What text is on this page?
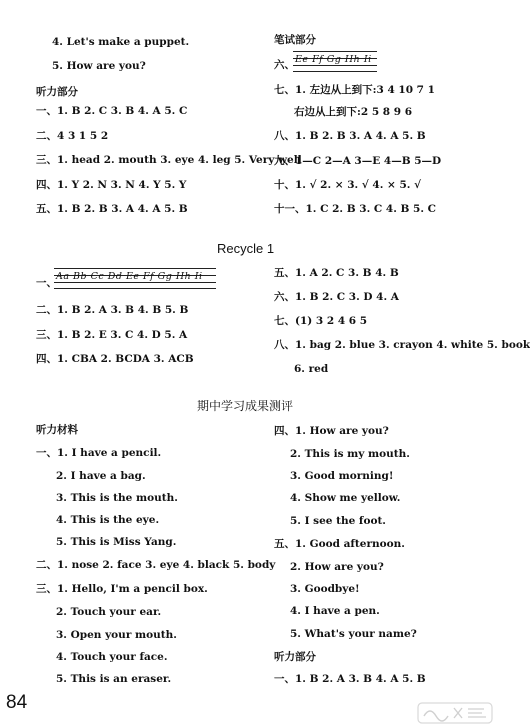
4. Let's make a puppet.
5. How are you?
听力部分
一、1. B 2. C 3. B 4. A 5. C
二、4 3 1 5 2
三、1. head 2. mouth 3. eye 4. leg 5. Very well
四、1. Y 2. N 3. N 4. Y 5. Y
五、1. B 2. B 3. A 4. A 5. B
笔试部分
六、 Ee Ff Gg Hh Ii
七、1. 左边从上到下:3 4 10 7 1
右边从上到下:2 5 8 9 6
八、1. B 2. B 3. A 4. A 5. B
九、1—C 2—A 3—E 4—B 5—D
十、1. √ 2. × 3. √ 4. × 5. √
十一、1. C 2. B 3. C 4. B 5. C
Recycle 1
一、
Aa Bb Cc Dd Ee Ff Gg Hh Ii
二、1. B 2. A 3. B 4. B 5. B
三、1. B 2. E 3. C 4. D 5. A
四、1. CBA 2. BCDA 3. ACB
五、1. A 2. C 3. B 4. B
六、1. B 2. C 3. D 4. A
七、(1) 3 2 4 6 5
八、1. bag 2. blue 3. crayon 4. white 5. book
6. red
期中学习成果测评
听力材料
一、1. I have a pencil.
2. I have a bag.
3. This is the mouth.
4. This is the eye.
5. This is Miss Yang.
二、1. nose 2. face 3. eye 4. black 5. body
三、1. Hello, I'm a pencil box.
2. Touch your ear.
3. Open your mouth.
4. Touch your face.
5. This is an eraser.
四、1. How are you?
2. This is my mouth.
3. Good morning!
4. Show me yellow.
5. I see the foot.
五、1. Good afternoon.
2. How are you?
3. Goodbye!
4. I have a pen.
5. What's your name?
听力部分
一、1. B 2. A 3. B 4. A 5. B
84
